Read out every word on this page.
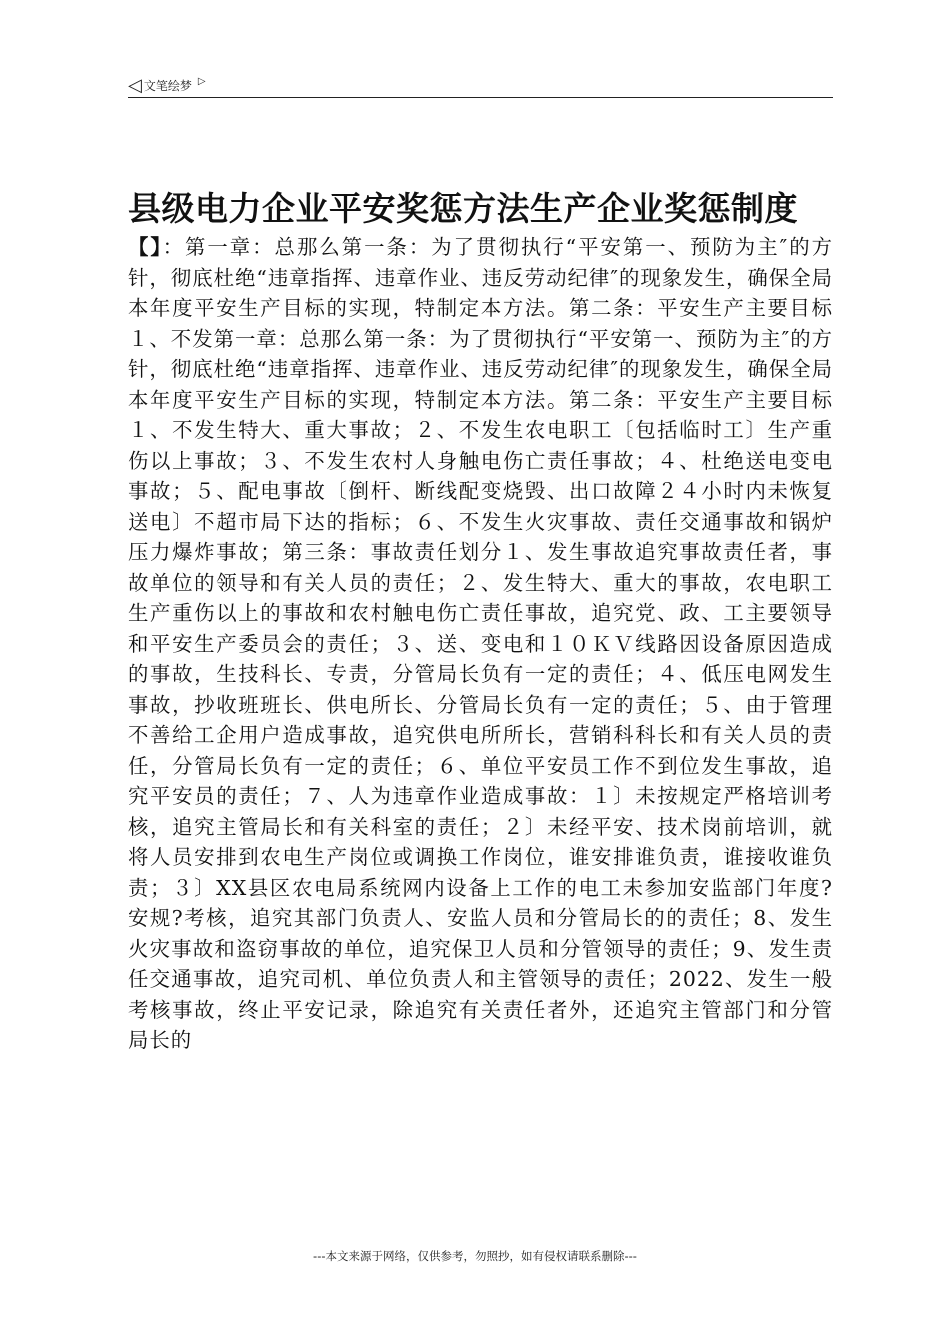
◁ 文笔绘梦 ▷
县级电力企业平安奖惩方法生产企业奖惩制度

【】：第一章：总那么第一条：为了贯彻执行“平安第一、预防为主″的方针，彻底杜绝“违章指挥、违章作业、违反劳动纪律″的现象发生，确保全局本年度平安生产目标的实现，特制定本方法。第二条：平安生产主要目标１、不发第一章：总那么第一条：为了贯彻执行“平安第一、预防为主″的方针，彻底杜绝“违章指挥、违章作业、违反劳动纪律″的现象发生，确保全局本年度平安生产目标的实现，特制定本方法。第二条：平安生产主要目标１、不发生特大、重大事故；２、不发生农电职工〔包括临时工〕生产重伤以上事故；３、不发生农村人身触电伤亡责任事故；４、杜绝送电变电事故；５、配电事故〔倒杆、断线配变烧毁、出口故障２４小时内未恢复送电〕不超市局下达的指标；６、不发生火灾事故、责任交通事故和锅炉压力爆炸事故；第三条：事故责任划分１、发生事故追究事故责任者，事故单位的领导和有关人员的责任；２、发生特大、重大的事故，农电职工生产重伤以上的事故和农村触电伤亡责任事故，追究党、政、工主要领导和平安生产委员会的责任；３、送、变电和１０ＫＶ线路因设备原因造成的事故，生技科长、专责，分管局长负有一定的责任；４、低压电网发生事故，抄收班班长、供电所长、分管局长负有一定的责任；５、由于管理不善给工企用户造成事故，追究供电所所长，营销科科长和有关人员的责任，分管局长负有一定的责任；６、单位平安员工作不到位发生事故，追究平安员的责任；７、人为违章作业造成事故：１〕未按规定严格培训考核，追究主管局长和有关科室的责任；２〕未经平安、技术岗前培训，就将人员安排到农电生产岗位或调换工作岗位，谁安排谁负责，谁接收谁负责；３〕XX县区农电局系统网内设备上工作的电工未参加安监部门年度?安规?考核，追究其部门负责人、安监人员和分管局长的的责任；8、发生火灾事故和盗窃事故的单位，追究保卫人员和分管领导的责任；9、发生责任交通事故，追究司机、单位负责人和主管领导的责任；2022、发生一般考核事故，终止平安记录，除追究有关责任者外，还追究主管部门和分管局长的

---本文来源于网络，仅供参考，勿照抄，如有侵权请联系删除---
